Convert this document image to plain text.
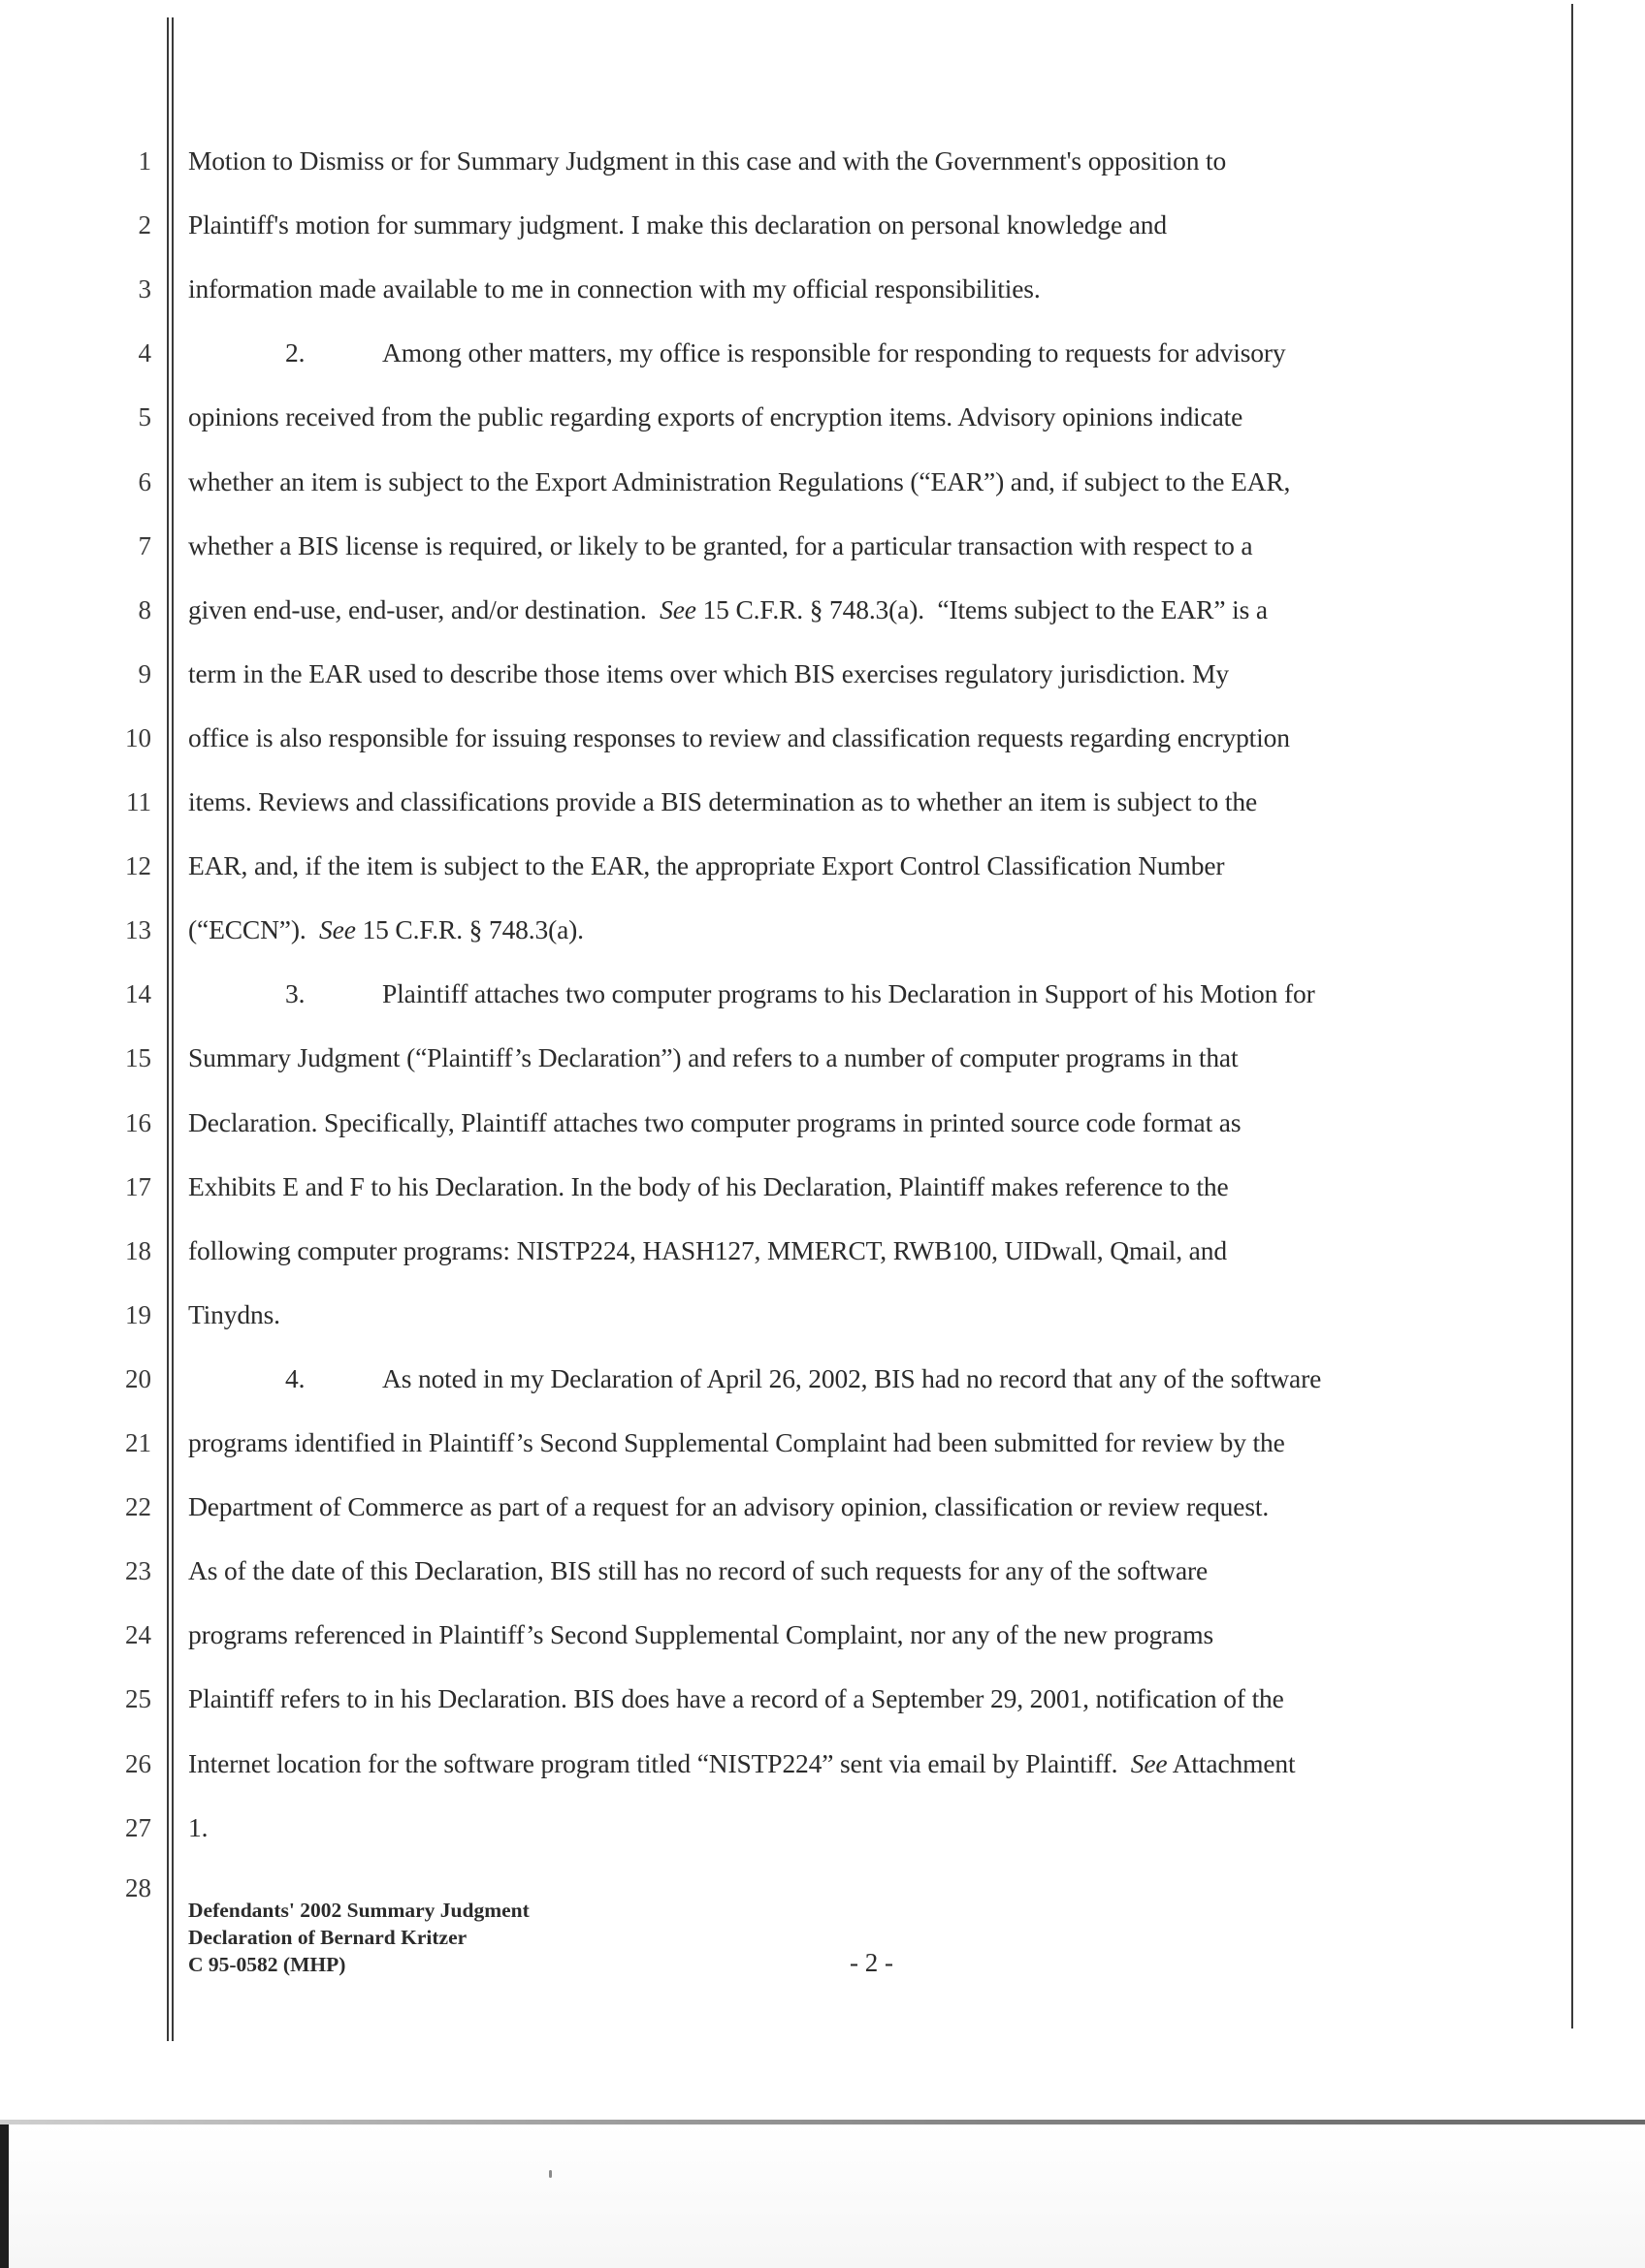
1
2
3
4
5
6
7
8
9
10
11
12
13
14
15
16
17
18
19
20
21
22
23
24
25
26
27
28
Motion to Dismiss or for Summary Judgment in this case and with the Government's opposition to
Plaintiff's motion for summary judgment. I make this declaration on personal knowledge and
information made available to me in connection with my official responsibilities.
2.	Among other matters, my office is responsible for responding to requests for advisory
opinions received from the public regarding exports of encryption items. Advisory opinions indicate
whether an item is subject to the Export Administration Regulations (“EAR”) and, if subject to the EAR,
whether a BIS license is required, or likely to be granted, for a particular transaction with respect to a
given end-use, end-user, and/or destination.  See 15 C.F.R. § 748.3(a).  “Items subject to the EAR” is a
term in the EAR used to describe those items over which BIS exercises regulatory jurisdiction. My
office is also responsible for issuing responses to review and classification requests regarding encryption
items. Reviews and classifications provide a BIS determination as to whether an item is subject to the
EAR, and, if the item is subject to the EAR, the appropriate Export Control Classification Number
(“ECCN”).  See 15 C.F.R. § 748.3(a).
3.	Plaintiff attaches two computer programs to his Declaration in Support of his Motion for
Summary Judgment (“Plaintiff’s Declaration”) and refers to a number of computer programs in that
Declaration. Specifically, Plaintiff attaches two computer programs in printed source code format as
Exhibits E and F to his Declaration. In the body of his Declaration, Plaintiff makes reference to the
following computer programs: NISTP224, HASH127, MMERCT, RWB100, UIDwall, Qmail, and
Tinydns.
4.	As noted in my Declaration of April 26, 2002, BIS had no record that any of the software
programs identified in Plaintiff’s Second Supplemental Complaint had been submitted for review by the
Department of Commerce as part of a request for an advisory opinion, classification or review request.
As of the date of this Declaration, BIS still has no record of such requests for any of the software
programs referenced in Plaintiff’s Second Supplemental Complaint, nor any of the new programs
Plaintiff refers to in his Declaration. BIS does have a record of a September 29, 2001, notification of the
Internet location for the software program titled “NISTP224” sent via email by Plaintiff.  See Attachment
1.
Defendants' 2002 Summary Judgment
Declaration of Bernard Kritzer
C 95-0582 (MHP)	- 2 -
